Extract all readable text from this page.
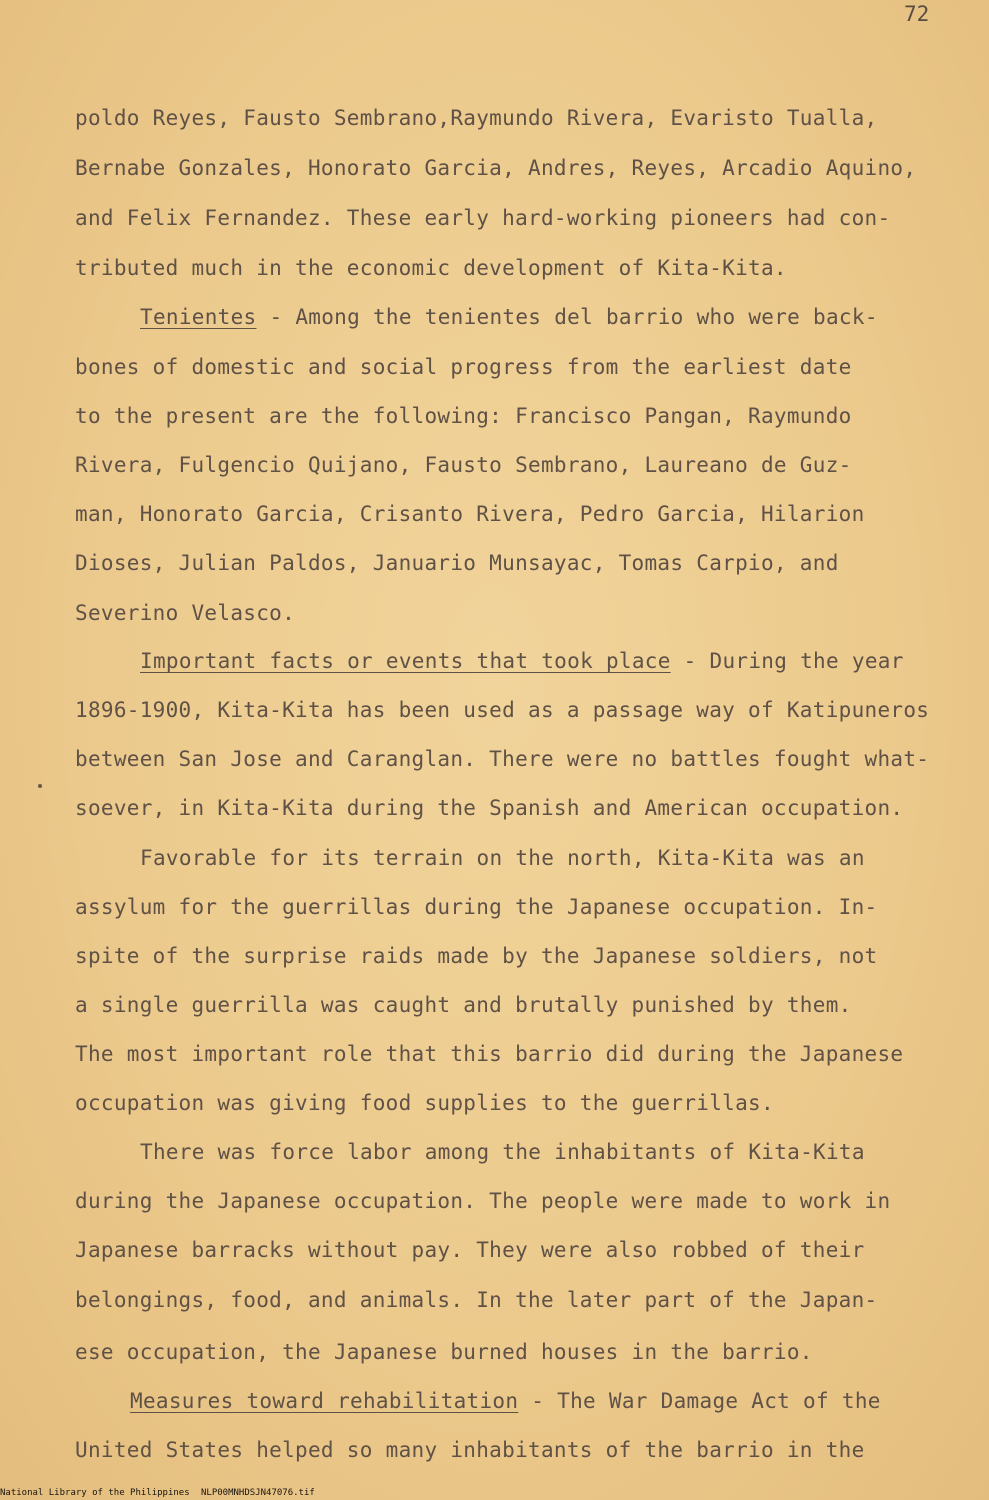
72
poldo Reyes, Fausto Sembrano,Raymundo Rivera, Evaristo Tualla,
Bernabe Gonzales, Honorato Garcia, Andres, Reyes, Arcadio Aquino,
and Felix Fernandez. These early hard-working pioneers had con-
tributed much in the economic development of Kita-Kita.
Tenientes - Among the tenientes del barrio who were back-
bones of domestic and social progress from the earliest date
to the present are the following: Francisco Pangan, Raymundo
Rivera, Fulgencio Quijano, Fausto Sembrano, Laureano de Guz-
man, Honorato Garcia, Crisanto Rivera, Pedro Garcia, Hilarion
Dioses, Julian Paldos, Januario Munsayac, Tomas Carpio, and
Severino Velasco.
Important facts or events that took place - During the year
1896-1900, Kita-Kita has been used as a passage way of Katipuneros
between San Jose and Caranglan. There were no battles fought what-
soever, in Kita-Kita during the Spanish and American occupation.
Favorable for its terrain on the north, Kita-Kita was an
assylum for the guerrillas during the Japanese occupation. In-
spite of the surprise raids made by the Japanese soldiers, not
a single guerrilla was caught and brutally punished by them.
The most important role that this barrio did during the Japanese
occupation was giving food supplies to the guerrillas.
There was force labor among the inhabitants of Kita-Kita
during the Japanese occupation. The people were made to work in
Japanese barracks without pay. They were also robbed of their
belongings, food, and animals. In the later part of the Japan-
ese occupation, the Japanese burned houses in the barrio.
Measures toward rehabilitation - The War Damage Act of the
United States helped so many inhabitants of the barrio in the
National Library of the Philippines NLP00MNHDSJN47076.tif
